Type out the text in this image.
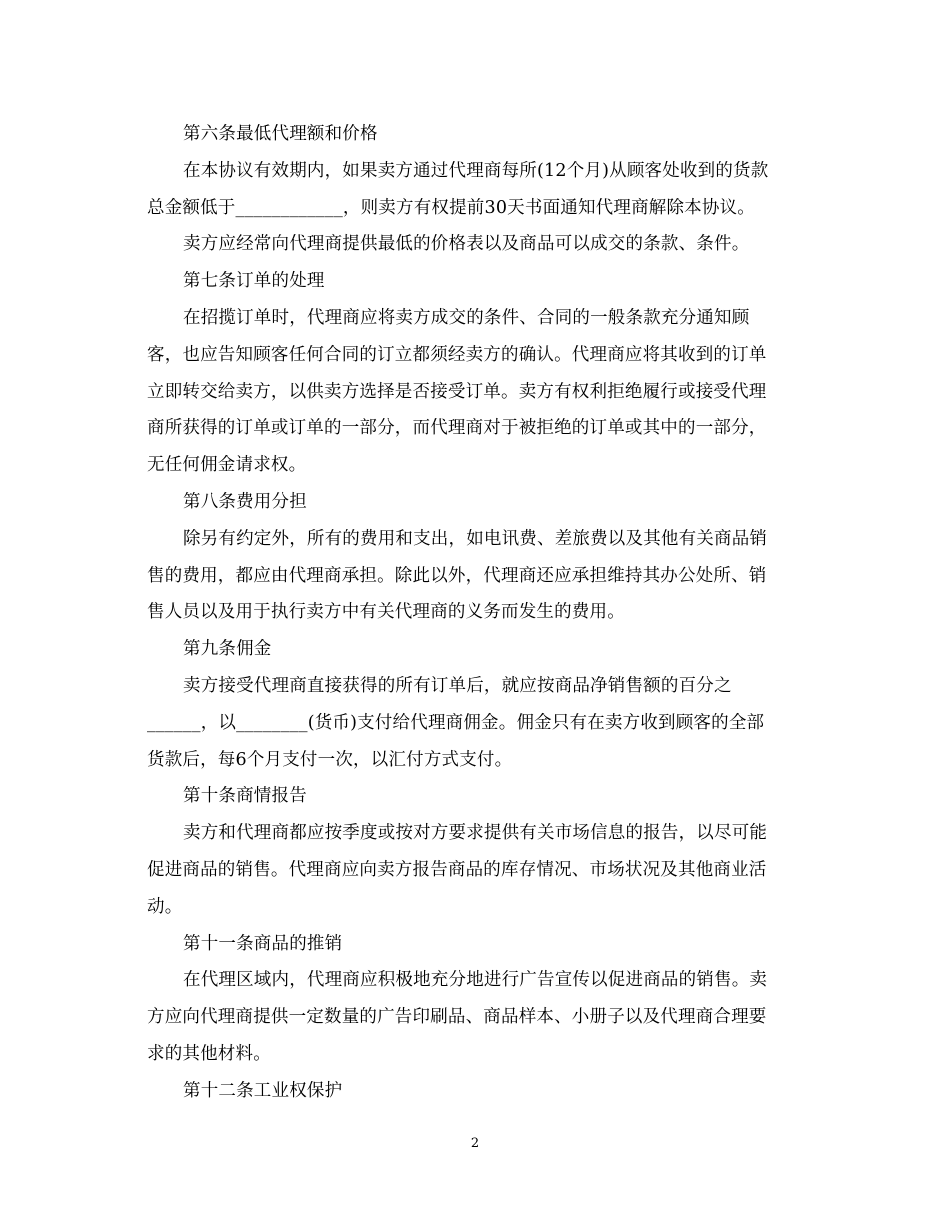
第六条最低代理额和价格
在本协议有效期内，如果卖方通过代理商每所(12个月)从顾客处收到的货款
总金额低于____________，则卖方有权提前30天书面通知代理商解除本协议。
卖方应经常向代理商提供最低的价格表以及商品可以成交的条款、条件。
第七条订单的处理
在招揽订单时，代理商应将卖方成交的条件、合同的一般条款充分通知顾
客，也应告知顾客任何合同的订立都须经卖方的确认。代理商应将其收到的订单
立即转交给卖方，以供卖方选择是否接受订单。卖方有权利拒绝履行或接受代理
商所获得的订单或订单的一部分，而代理商对于被拒绝的订单或其中的一部分，
无任何佣金请求权。
第八条费用分担
除另有约定外，所有的费用和支出，如电讯费、差旅费以及其他有关商品销
售的费用，都应由代理商承担。除此以外，代理商还应承担维持其办公处所、销
售人员以及用于执行卖方中有关代理商的义务而发生的费用。
第九条佣金
卖方接受代理商直接获得的所有订单后，就应按商品净销售额的百分之
______，以________(货币)支付给代理商佣金。佣金只有在卖方收到顾客的全部
货款后，每6个月支付一次，以汇付方式支付。
第十条商情报告
卖方和代理商都应按季度或按对方要求提供有关市场信息的报告，以尽可能
促进商品的销售。代理商应向卖方报告商品的库存情况、市场状况及其他商业活
动。
第十一条商品的推销
在代理区域内，代理商应积极地充分地进行广告宣传以促进商品的销售。卖
方应向代理商提供一定数量的广告印刷品、商品样本、小册子以及代理商合理要
求的其他材料。
第十二条工业权保护
2
